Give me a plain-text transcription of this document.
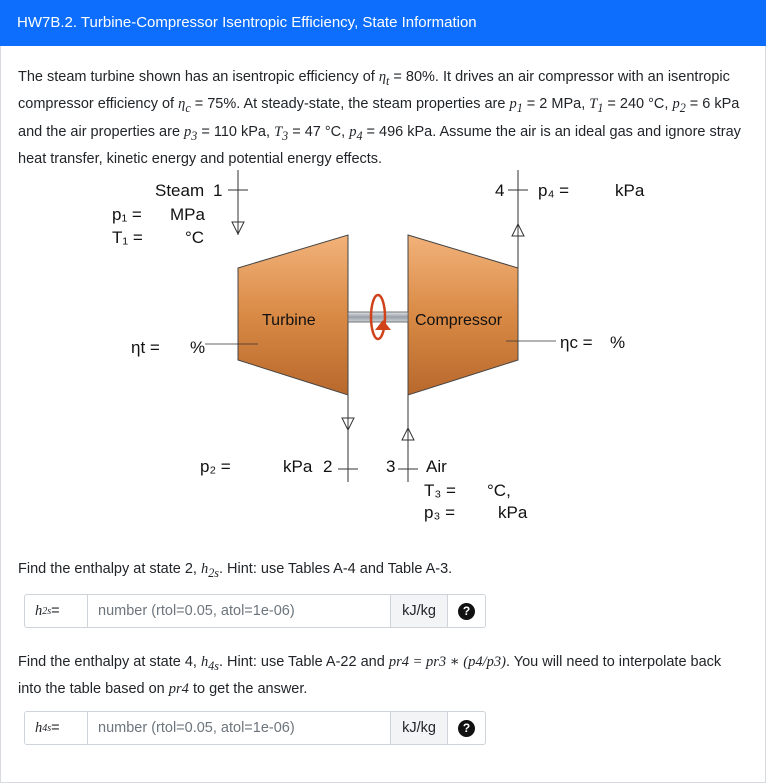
HW7B.2. Turbine-Compressor Isentropic Efficiency, State Information
The steam turbine shown has an isentropic efficiency of $\eta_t = 80\%$. It drives an air compressor with an isentropic compressor efficiency of $\eta_c = 75\%$. At steady-state, the steam properties are $p_1 = 2$ MPa, $T_1 = 240$ °C, $p_2 = 6$ kPa and the air properties are $p_3 = 110$ kPa, $T_3 = 47$ °C, $p_4 = 496$ kPa. Assume the air is an ideal gas and ignore stray heat transfer, kinetic energy and potential energy effects.
Steam 1
p₁ = MPa
T₁ = °C
ηt = %
Turbine	Compressor
p₂ =	kPa 2	3 Air
T₃ = °C,
p₃ =	kPa
4 p₄ =	kPa
ηc = %
Find the enthalpy at state 2, $h_{2s}$. Hint: use Tables A-4 and Table A-3.
h 2s =
number (rtol=0.05, atol=1e-06)	kJ/kg	?
Find the enthalpy at state 4, $h_{4s}$. Hint: use Table A-22 and pr4 = pr3 ∗ (p4/p3). You will need to interpolate back into the table based on pr4 to get the answer.
h 4s =
number (rtol=0.05, atol=1e-06)	kJ/kg	?
